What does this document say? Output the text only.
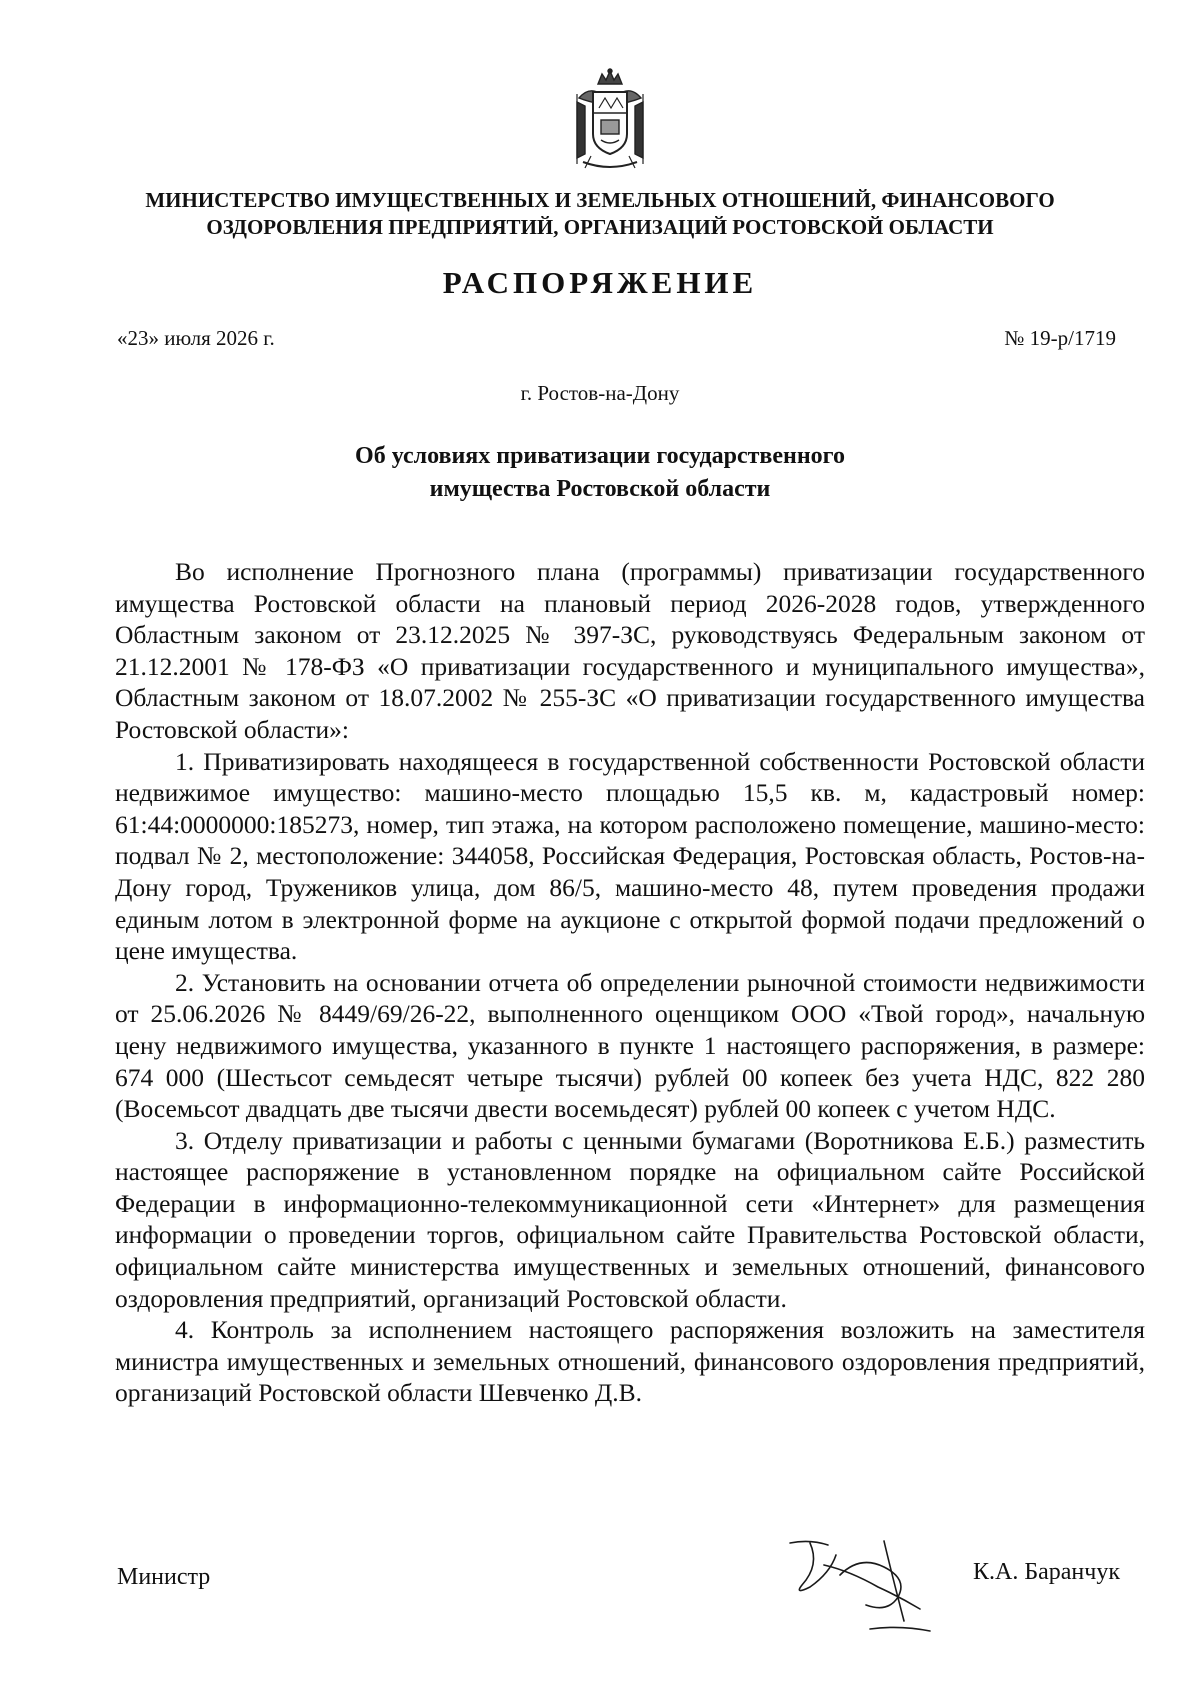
МИНИСТЕРСТВО ИМУЩЕСТВЕННЫХ И ЗЕМЕЛЬНЫХ ОТНОШЕНИЙ, ФИНАНСОВОГО
ОЗДОРОВЛЕНИЯ ПРЕДПРИЯТИЙ, ОРГАНИЗАЦИЙ РОСТОВСКОЙ ОБЛАСТИ
РАСПОРЯЖЕНИЕ
«23» июля 2026 г.	№ 19-р/1719
г. Ростов-на-Дону
Об условиях приватизации государственного
имущества Ростовской области

Во исполнение Прогнозного плана (программы) приватизации государственного имущества Ростовской области на плановый период 2026-2028 годов, утвержденного Областным законом от 23.12.2025 № 397-ЗС, руководствуясь Федеральным законом от 21.12.2001 № 178-ФЗ «О приватизации государственного и муниципального имущества», Областным законом от 18.07.2002 № 255-ЗС «О приватизации государственного имущества Ростовской области»:

1. Приватизировать находящееся в государственной собственности Ростовской области недвижимое имущество: машино-место площадью 15,5 кв. м, кадастровый номер: 61:44:0000000:185273, номер, тип этажа, на котором расположено помещение, машино-место: подвал № 2, местоположение: 344058, Российская Федерация, Ростовская область, Ростов-на-Дону город, Тружеников улица, дом 86/5, машино-место 48, путем проведения продажи единым лотом в электронной форме на аукционе с открытой формой подачи предложений о цене имущества.

2. Установить на основании отчета об определении рыночной стоимости недвижимости от 25.06.2026 № 8449/69/26-22, выполненного оценщиком ООО «Твой город», начальную цену недвижимого имущества, указанного в пункте 1 настоящего распоряжения, в размере: 674 000 (Шестьсот семьдесят четыре тысячи) рублей 00 копеек без учета НДС, 822 280 (Восемьсот двадцать две тысячи двести восемьдесят) рублей 00 копеек с учетом НДС.

3. Отделу приватизации и работы с ценными бумагами (Воротникова Е.Б.) разместить настоящее распоряжение в установленном порядке на официальном сайте Российской Федерации в информационно-телекоммуникационной сети «Интернет» для размещения информации о проведении торгов, официальном сайте Правительства Ростовской области, официальном сайте министерства имущественных и земельных отношений, финансового оздоровления предприятий, организаций Ростовской области.

4. Контроль за исполнением настоящего распоряжения возложить на заместителя министра имущественных и земельных отношений, финансового оздоровления предприятий, организаций Ростовской области Шевченко Д.В.

Министр	К.А. Баранчук
